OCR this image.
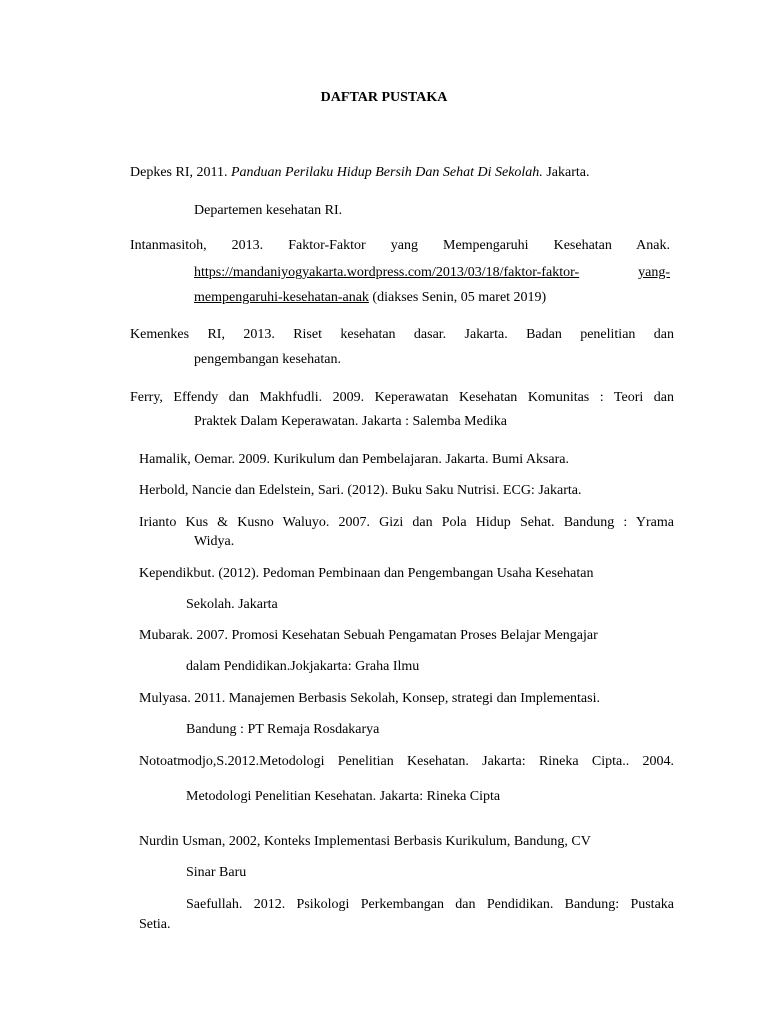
DAFTAR PUSTAKA
Depkes RI, 2011. Panduan Perilaku Hidup Bersih Dan Sehat Di Sekolah. Jakarta.
Departemen kesehatan RI.
Intanmasitoh, 2013. Faktor-Faktor yang Mempengaruhi Kesehatan Anak.
https://mandaniyogyakarta.wordpress.com/2013/03/18/faktor-faktor-	yang-
mempengaruhi-kesehatan-anak (diakses Senin, 05 maret 2019)
Kemenkes RI, 2013. Riset kesehatan dasar. Jakarta. Badan penelitian dan
pengembangan kesehatan.
Ferry, Effendy dan Makhfudli. 2009. Keperawatan Kesehatan Komunitas : Teori dan
Praktek Dalam Keperawatan. Jakarta : Salemba Medika
Hamalik, Oemar. 2009. Kurikulum dan Pembelajaran. Jakarta. Bumi Aksara.
Herbold, Nancie dan Edelstein, Sari. (2012). Buku Saku Nutrisi. ECG: Jakarta.
Irianto Kus & Kusno Waluyo. 2007. Gizi dan Pola Hidup Sehat. Bandung : Yrama
Widya.
Kependikbut. (2012). Pedoman Pembinaan dan Pengembangan Usaha Kesehatan
Sekolah. Jakarta
Mubarak. 2007. Promosi Kesehatan Sebuah Pengamatan Proses Belajar Mengajar
dalam Pendidikan.Jokjakarta: Graha Ilmu
Mulyasa. 2011. Manajemen Berbasis Sekolah, Konsep, strategi dan Implementasi.
Bandung : PT Remaja Rosdakarya
Notoatmodjo,S.2012.Metodologi Penelitian Kesehatan. Jakarta: Rineka Cipta.. 2004.
Metodologi Penelitian Kesehatan. Jakarta: Rineka Cipta
Nurdin Usman, 2002, Konteks Implementasi Berbasis Kurikulum, Bandung, CV
Sinar Baru
Saefullah. 2012. Psikologi Perkembangan dan Pendidikan. Bandung: Pustaka
Setia.
